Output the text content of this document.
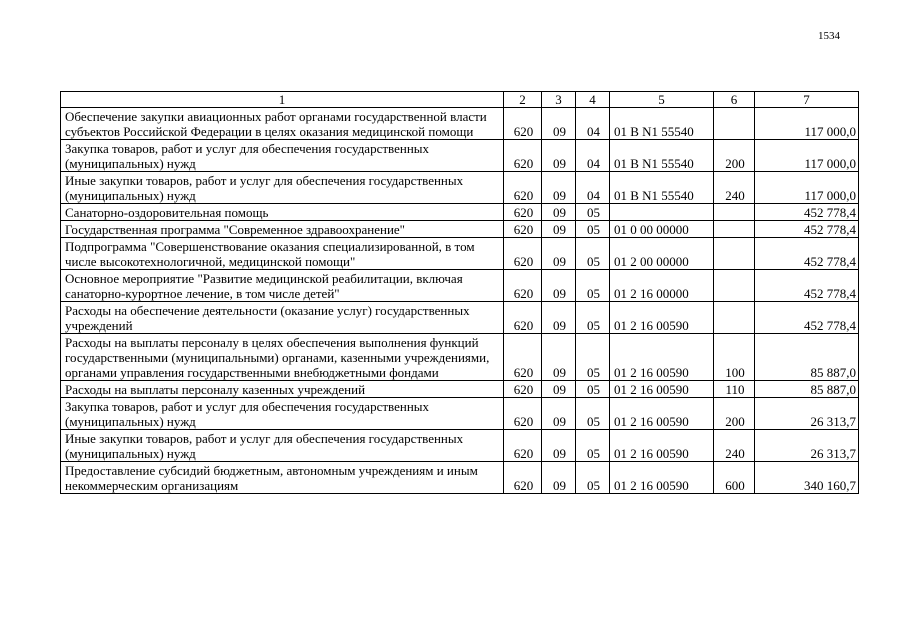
1534
1	2	3	4	5	6	7
Обеспечение закупки авиационных работ органами государственной власти субъектов Российской Федерации в целях оказания медицинской помощи	620	09	04	01 В N1 55540		117 000,0
Закупка товаров, работ и услуг для обеспечения государственных (муниципальных) нужд	620	09	04	01 В N1 55540	200	117 000,0
Иные закупки товаров, работ и услуг для обеспечения государственных (муниципальных) нужд	620	09	04	01 В N1 55540	240	117 000,0
Санаторно-оздоровительная помощь	620	09	05			452 778,4
Государственная программа "Современное здравоохранение"	620	09	05	01 0 00 00000		452 778,4
Подпрограмма "Совершенствование оказания специализированной, в том числе высокотехнологичной, медицинской помощи"	620	09	05	01 2 00 00000		452 778,4
Основное мероприятие "Развитие медицинской реабилитации, включая санаторно-курортное лечение, в том числе детей"	620	09	05	01 2 16 00000		452 778,4
Расходы на обеспечение деятельности (оказание услуг) государственных учреждений	620	09	05	01 2 16 00590		452 778,4
Расходы на выплаты персоналу в целях обеспечения выполнения функций государственными (муниципальными) органами, казенными учреждениями, органами управления государственными внебюджетными фондами	620	09	05	01 2 16 00590	100	85 887,0
Расходы на выплаты персоналу казенных учреждений	620	09	05	01 2 16 00590	110	85 887,0
Закупка товаров, работ и услуг для обеспечения государственных (муниципальных) нужд	620	09	05	01 2 16 00590	200	26 313,7
Иные закупки товаров, работ и услуг для обеспечения государственных (муниципальных) нужд	620	09	05	01 2 16 00590	240	26 313,7
Предоставление субсидий бюджетным, автономным учреждениям и иным некоммерческим организациям	620	09	05	01 2 16 00590	600	340 160,7
